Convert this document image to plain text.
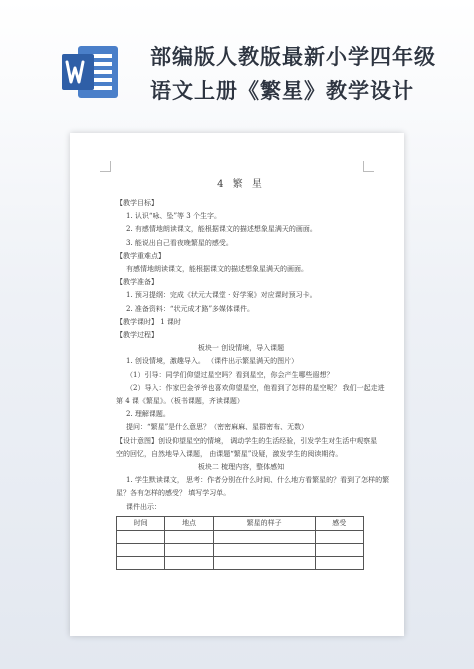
部编版人教版最新小学四年级
语文上册《繁星》教学设计
4 繁 星
【教学目标】
1. 认识“咏、坠”等 3 个生字。
2. 有感情地朗读课文，能根据课文的描述想象星满天的画面。
3. 能说出自己看夜晚繁星的感受。
【教学重难点】
有感情地朗读课文，能根据课文的描述想象星满天的画面。
【教学准备】
1. 预习提纲：完成《状元大课堂 · 好学案》对应课时预习卡。
2. 准备资料：“状元成才路”多媒体课件。
【教学课时】 1 课时
【教学过程】
板块一 创设情境，导入课题
1. 创设情境，激趣导入。 （课件出示繁星满天的图片）
（1）引导：同学们仰望过星空吗？看到星空，你会产生哪些遐想？
（2）导入：作家巴金爷爷也喜欢仰望星空，他看到了怎样的星空呢？ 我们一起走进
第 4 课《繁星》。（板书课题，齐读课题）
2. 理解课题。
提问：“繁星”是什么意思？（密密麻麻、星群密布、无数）
【设计意图】创设仰望星空的情境， 调动学生的生活经验，引发学生对生活中观察星
空的回忆，自然地导入课题， 由课题“繁星”设疑，激发学生的阅读期待。
板块二 梳理内容，整体感知
1. 学生默读课文， 思考：作者分别在什么时间、什么地方看繁星的？看到了怎样的繁
星？各有怎样的感受？ 填写学习单。
课件出示：
时间	地点	繁星的样子	感受
